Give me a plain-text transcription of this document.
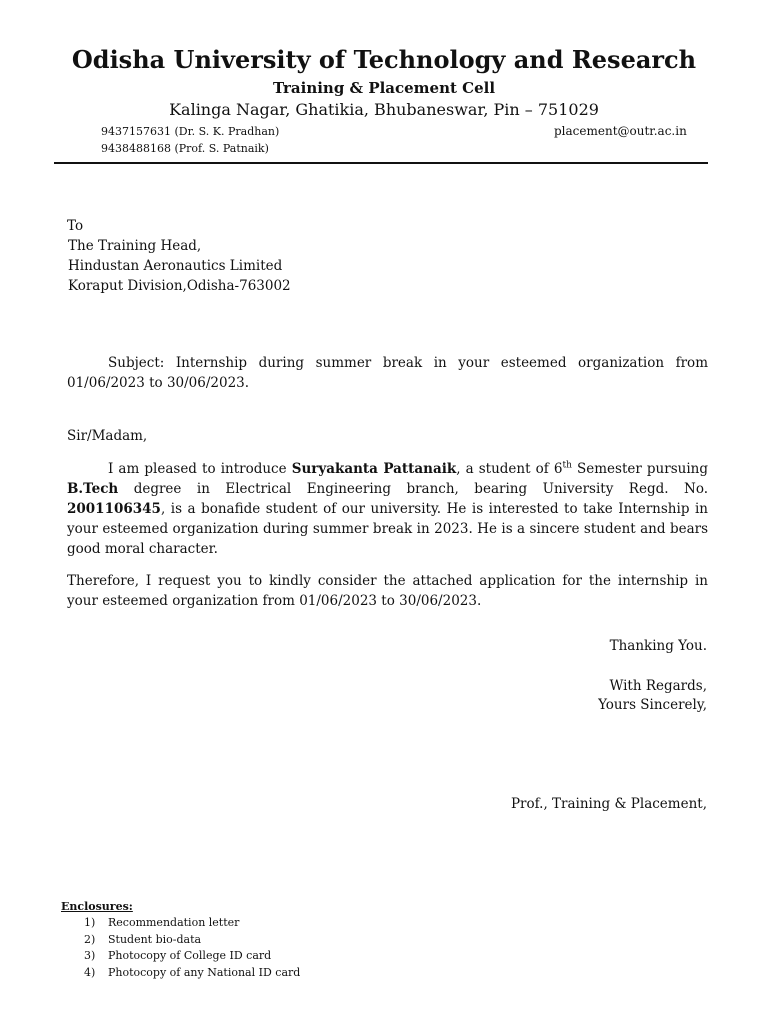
Odisha University of Technology and Research
Training & Placement Cell
Kalinga Nagar, Ghatikia, Bhubaneswar, Pin – 751029
9437157631 (Dr. S. K. Pradhan)
9438488168 (Prof. S. Patnaik)
placement@outr.ac.in
To
The Training Head,
Hindustan Aeronautics Limited
Koraput Division,Odisha-763002
Subject: Internship during summer break in your esteemed organization from 01/06/2023 to 30/06/2023.
Sir/Madam,
I am pleased to introduce Suryakanta Pattanaik, a student of 6th Semester pursuing B.Tech degree in Electrical Engineering branch, bearing University Regd. No. 2001106345, is a bonafide student of our university. He is interested to take Internship in your esteemed organization during summer break in 2023. He is a sincere student and bears good moral character.
Therefore, I request you to kindly consider the attached application for the internship in your esteemed organization from 01/06/2023 to 30/06/2023.
Thanking You.
With Regards,
Yours Sincerely,
Prof., Training & Placement,
Enclosures:
1) Recommendation letter
2) Student bio-data
3) Photocopy of College ID card
4) Photocopy of any National ID card
